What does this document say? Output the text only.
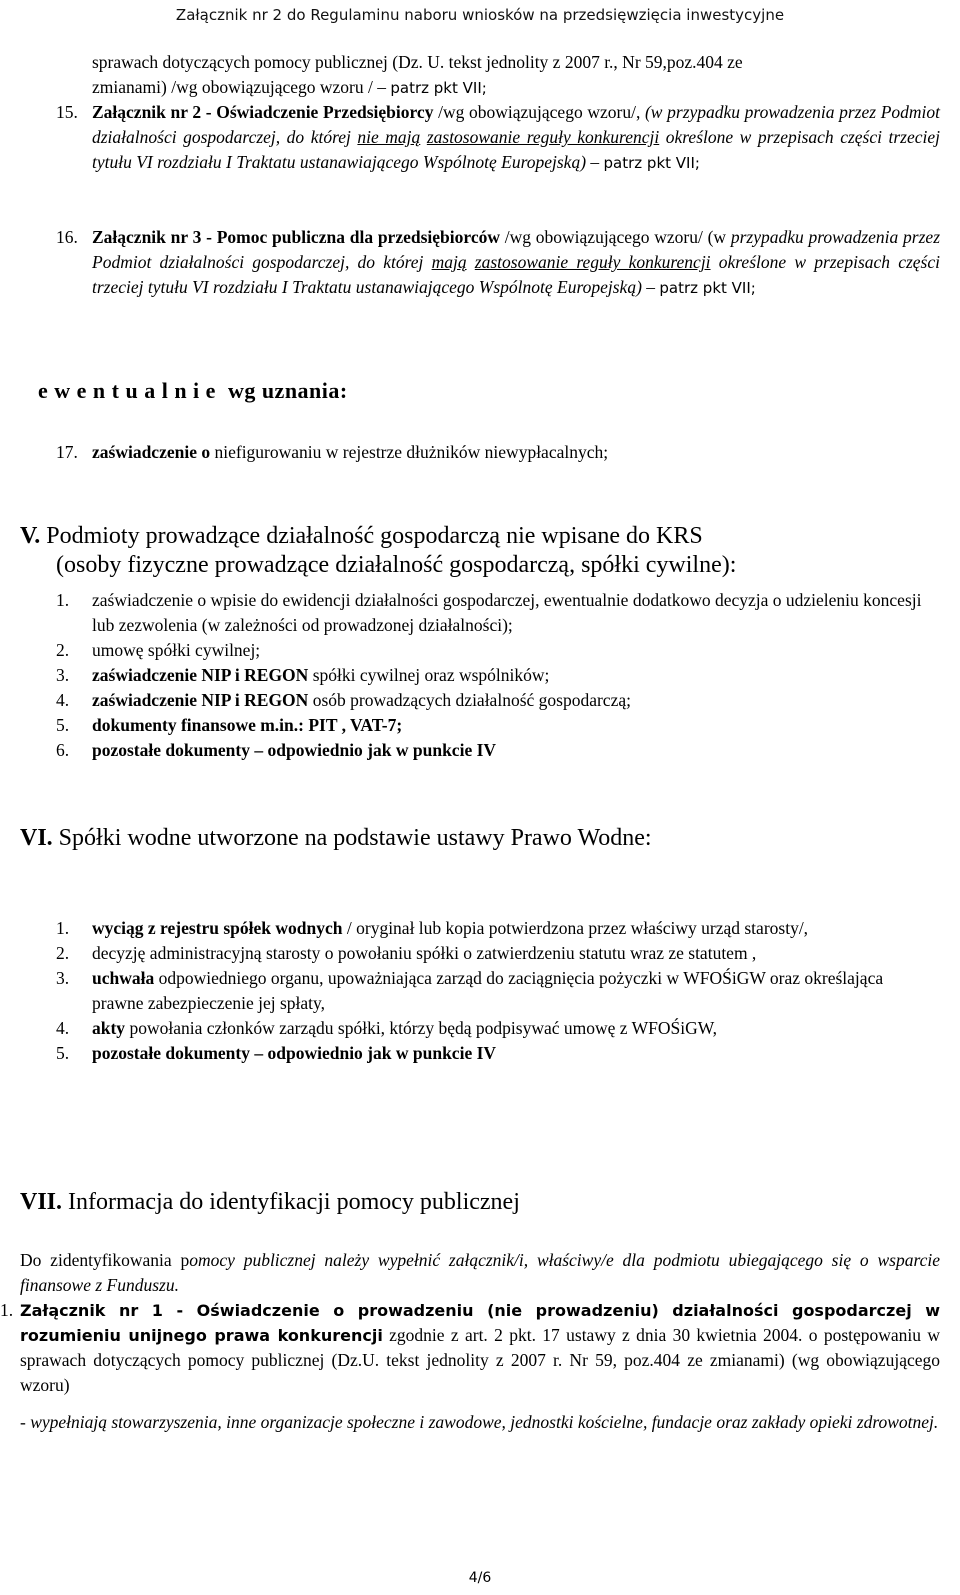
Załącznik nr 2 do Regulaminu naboru wniosków na przedsięwzięcia inwestycyjne
sprawach dotyczących pomocy publicznej (Dz. U. tekst jednolity z 2007 r., Nr 59,poz.404 ze
zmianami) /wg obowiązującego wzoru / – patrz pkt VII;
15. Załącznik nr 2 - Oświadczenie Przedsiębiorcy /wg obowiązującego wzoru/, (w przypadku prowadzenia przez Podmiot działalności gospodarczej, do której nie mają zastosowanie reguły konkurencji określone w przepisach części trzeciej tytułu VI rozdziału I Traktatu ustanawiającego Wspólnotę Europejską) – patrz pkt VII;
16. Załącznik nr 3 - Pomoc publiczna dla przedsiębiorców /wg obowiązującego wzoru/ (w przypadku prowadzenia przez Podmiot działalności gospodarczej, do której mają zastosowanie reguły konkurencji określone w przepisach części trzeciej tytułu VI rozdziału I Traktatu ustanawiającego Wspólnotę Europejską) – patrz pkt VII;
e w e n t u a l n i e  wg uznania:
17. zaświadczenie o niefigurowaniu w rejestrze dłużników niewypłacalnych;
V. Podmioty prowadzące działalność gospodarczą nie wpisane do KRS
(osoby fizyczne prowadzące działalność gospodarczą, spółki cywilne):
1. zaświadczenie o wpisie do ewidencji działalności gospodarczej, ewentualnie dodatkowo decyzja o udzieleniu koncesji lub zezwolenia (w zależności od prowadzonej działalności);
2. umowę spółki cywilnej;
3. zaświadczenie NIP i REGON spółki cywilnej oraz wspólników;
4. zaświadczenie NIP i REGON osób prowadzących działalność gospodarczą;
5. dokumenty finansowe m.in.: PIT , VAT-7;
6. pozostałe dokumenty – odpowiednio jak w punkcie IV
VI. Spółki wodne utworzone na podstawie ustawy Prawo Wodne:
1. wyciąg z rejestru spółek wodnych / oryginał lub kopia potwierdzona przez właściwy urząd starosty/,
2. decyzję administracyjną starosty o powołaniu spółki o zatwierdzeniu statutu wraz ze statutem ,
3. uchwała odpowiedniego organu, upoważniająca zarząd do zaciągnięcia pożyczki w WFOŚiGW oraz określająca prawne zabezpieczenie jej spłaty,
4. akty powołania członków zarządu spółki, którzy będą podpisywać umowę z WFOŚiGW,
5. pozostałe dokumenty – odpowiednio jak w punkcie IV
VII. Informacja do identyfikacji pomocy publicznej
Do zidentyfikowania pomocy publicznej należy wypełnić załącznik/i, właściwy/e dla podmiotu ubiegającego się o wsparcie finansowe z Funduszu.
1. Załącznik nr 1 - Oświadczenie o prowadzeniu (nie prowadzeniu) działalności gospodarczej w rozumieniu unijnego prawa konkurencji zgodnie z art. 2 pkt. 17 ustawy z dnia 30 kwietnia 2004. o postępowaniu w sprawach dotyczących pomocy publicznej (Dz.U. tekst jednolity z 2007 r. Nr 59, poz.404 ze zmianami) (wg obowiązującego wzoru)
- wypełniają stowarzyszenia, inne organizacje społeczne i zawodowe, jednostki kościelne, fundacje oraz zakłady opieki zdrowotnej.
4/6
